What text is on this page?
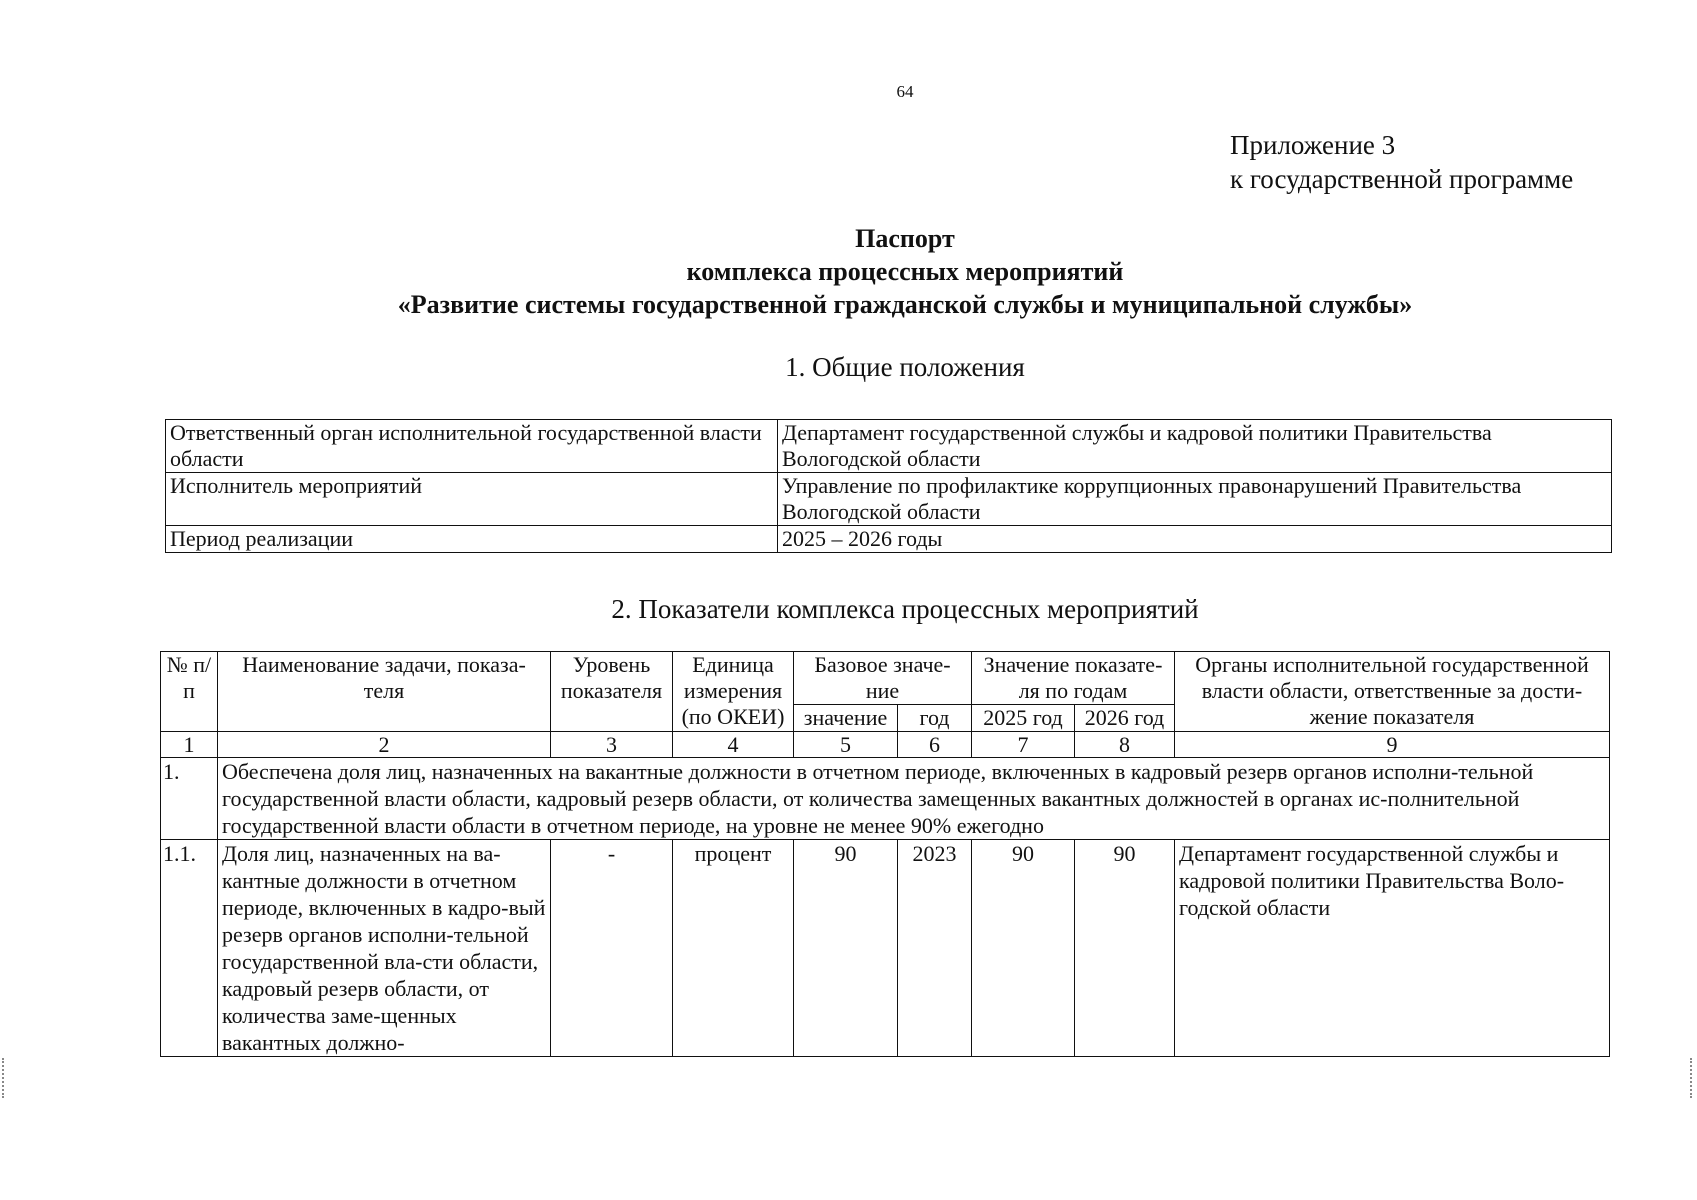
64
Приложение 3
к государственной программе
Паспорт
комплекса процессных мероприятий
«Развитие системы государственной гражданской службы и муниципальной службы»
1. Общие положения
Ответственный орган исполнительной государственной власти области	Департамент государственной службы и кадровой политики Правительства Вологодской области
Исполнитель мероприятий	Управление по профилактике коррупционных правонарушений Правительства Вологодской области
Период реализации	2025 – 2026 годы
2. Показатели комплекса процессных мероприятий
№ п/п	Наименование задачи, показа-теля	Уровень показателя	Единица измерения (по ОКЕИ)	Базовое значе-ние		Значение показате-ля по годам		Органы исполнительной государственной власти области, ответственные за дости-жение показателя
				значение	год	2025 год	2026 год	
1	2	3	4	5	6	7	8	9
1.	Обеспечена доля лиц, назначенных на вакантные должности в отчетном периоде, включенных в кадровый резерв органов исполни-тельной государственной власти области, кадровый резерв области, от количества замещенных вакантных должностей в органах ис-полнительной государственной власти области в отчетном периоде, на уровне не менее 90% ежегодно							
1.1.	Доля лиц, назначенных на ва-кантные должности в отчетном периоде, включенных в кадро-вый резерв органов исполни-тельной государственной вла-сти области, кадровый резерв области, от количества заме-щенных вакантных должно-	-	процент	90	2023	90	90	Департамент государственной службы и кадровой политики Правительства Воло-годской области
